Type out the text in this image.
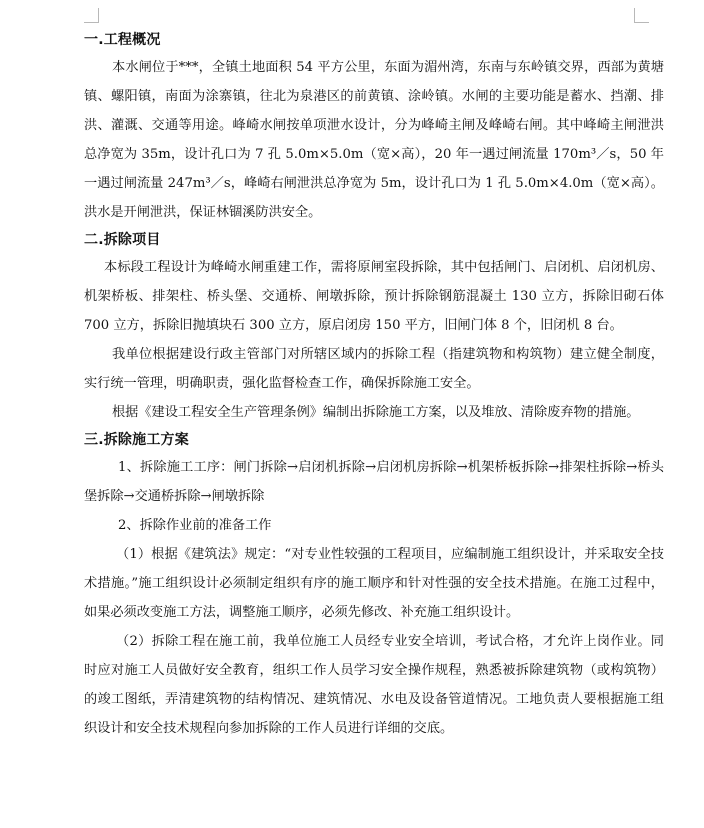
一.工程概况

本水闸位于***，全镇土地面积 54 平方公里，东面为湄州湾，东南与东岭镇交界，西部为黄塘镇、螺阳镇，南面为涂寨镇，往北为泉港区的前黄镇、涂岭镇。水闸的主要功能是蓄水、挡潮、排洪、灌溉、交通等用途。峰崎水闸按单项泄水设计，分为峰崎主闸及峰崎右闸。其中峰崎主闸泄洪总净宽为 35m，设计孔口为 7 孔 5.0m×5.0m（宽×高），20 年一遇过闸流量 170m³／s，50 年一遇过闸流量 247m³／s，峰崎右闸泄洪总净宽为 5m，设计孔口为 1 孔 5.0m×4.0m（宽×高）。洪水是开闸泄洪，保证林锢溪防洪安全。

二.拆除项目

本标段工程设计为峰崎水闸重建工作，需将原闸室段拆除，其中包括闸门、启闭机、启闭机房、机架桥板、排架柱、桥头堡、交通桥、闸墩拆除，预计拆除钢筋混凝土 130 立方，拆除旧砌石体 700 立方，拆除旧抛填块石 300 立方，原启闭房 150 平方，旧闸门体 8 个，旧闭机 8 台。

我单位根据建设行政主管部门对所辖区域内的拆除工程（指建筑物和构筑物）建立健全制度，实行统一管理，明确职责，强化监督检查工作，确保拆除施工安全。

根据《建设工程安全生产管理条例》编制出拆除施工方案，以及堆放、清除废弃物的措施。

三.拆除施工方案

1、拆除施工工序：闸门拆除→启闭机拆除→启闭机房拆除→机架桥板拆除→排架柱拆除→桥头堡拆除→交通桥拆除→闸墩拆除

2、拆除作业前的准备工作

（1）根据《建筑法》规定：“对专业性较强的工程项目，应编制施工组织设计，并采取安全技术措施。”施工组织设计必须制定组织有序的施工顺序和针对性强的安全技术措施。在施工过程中，如果必须改变施工方法，调整施工顺序，必须先修改、补充施工组织设计。

（2）拆除工程在施工前，我单位施工人员经专业安全培训，考试合格，才允许上岗作业。同时应对施工人员做好安全教育，组织工作人员学习安全操作规程，熟悉被拆除建筑物（或构筑物）的竣工图纸，弄清建筑物的结构情况、建筑情况、水电及设备管道情况。工地负责人要根据施工组织设计和安全技术规程向参加拆除的工作人员进行详细的交底。
